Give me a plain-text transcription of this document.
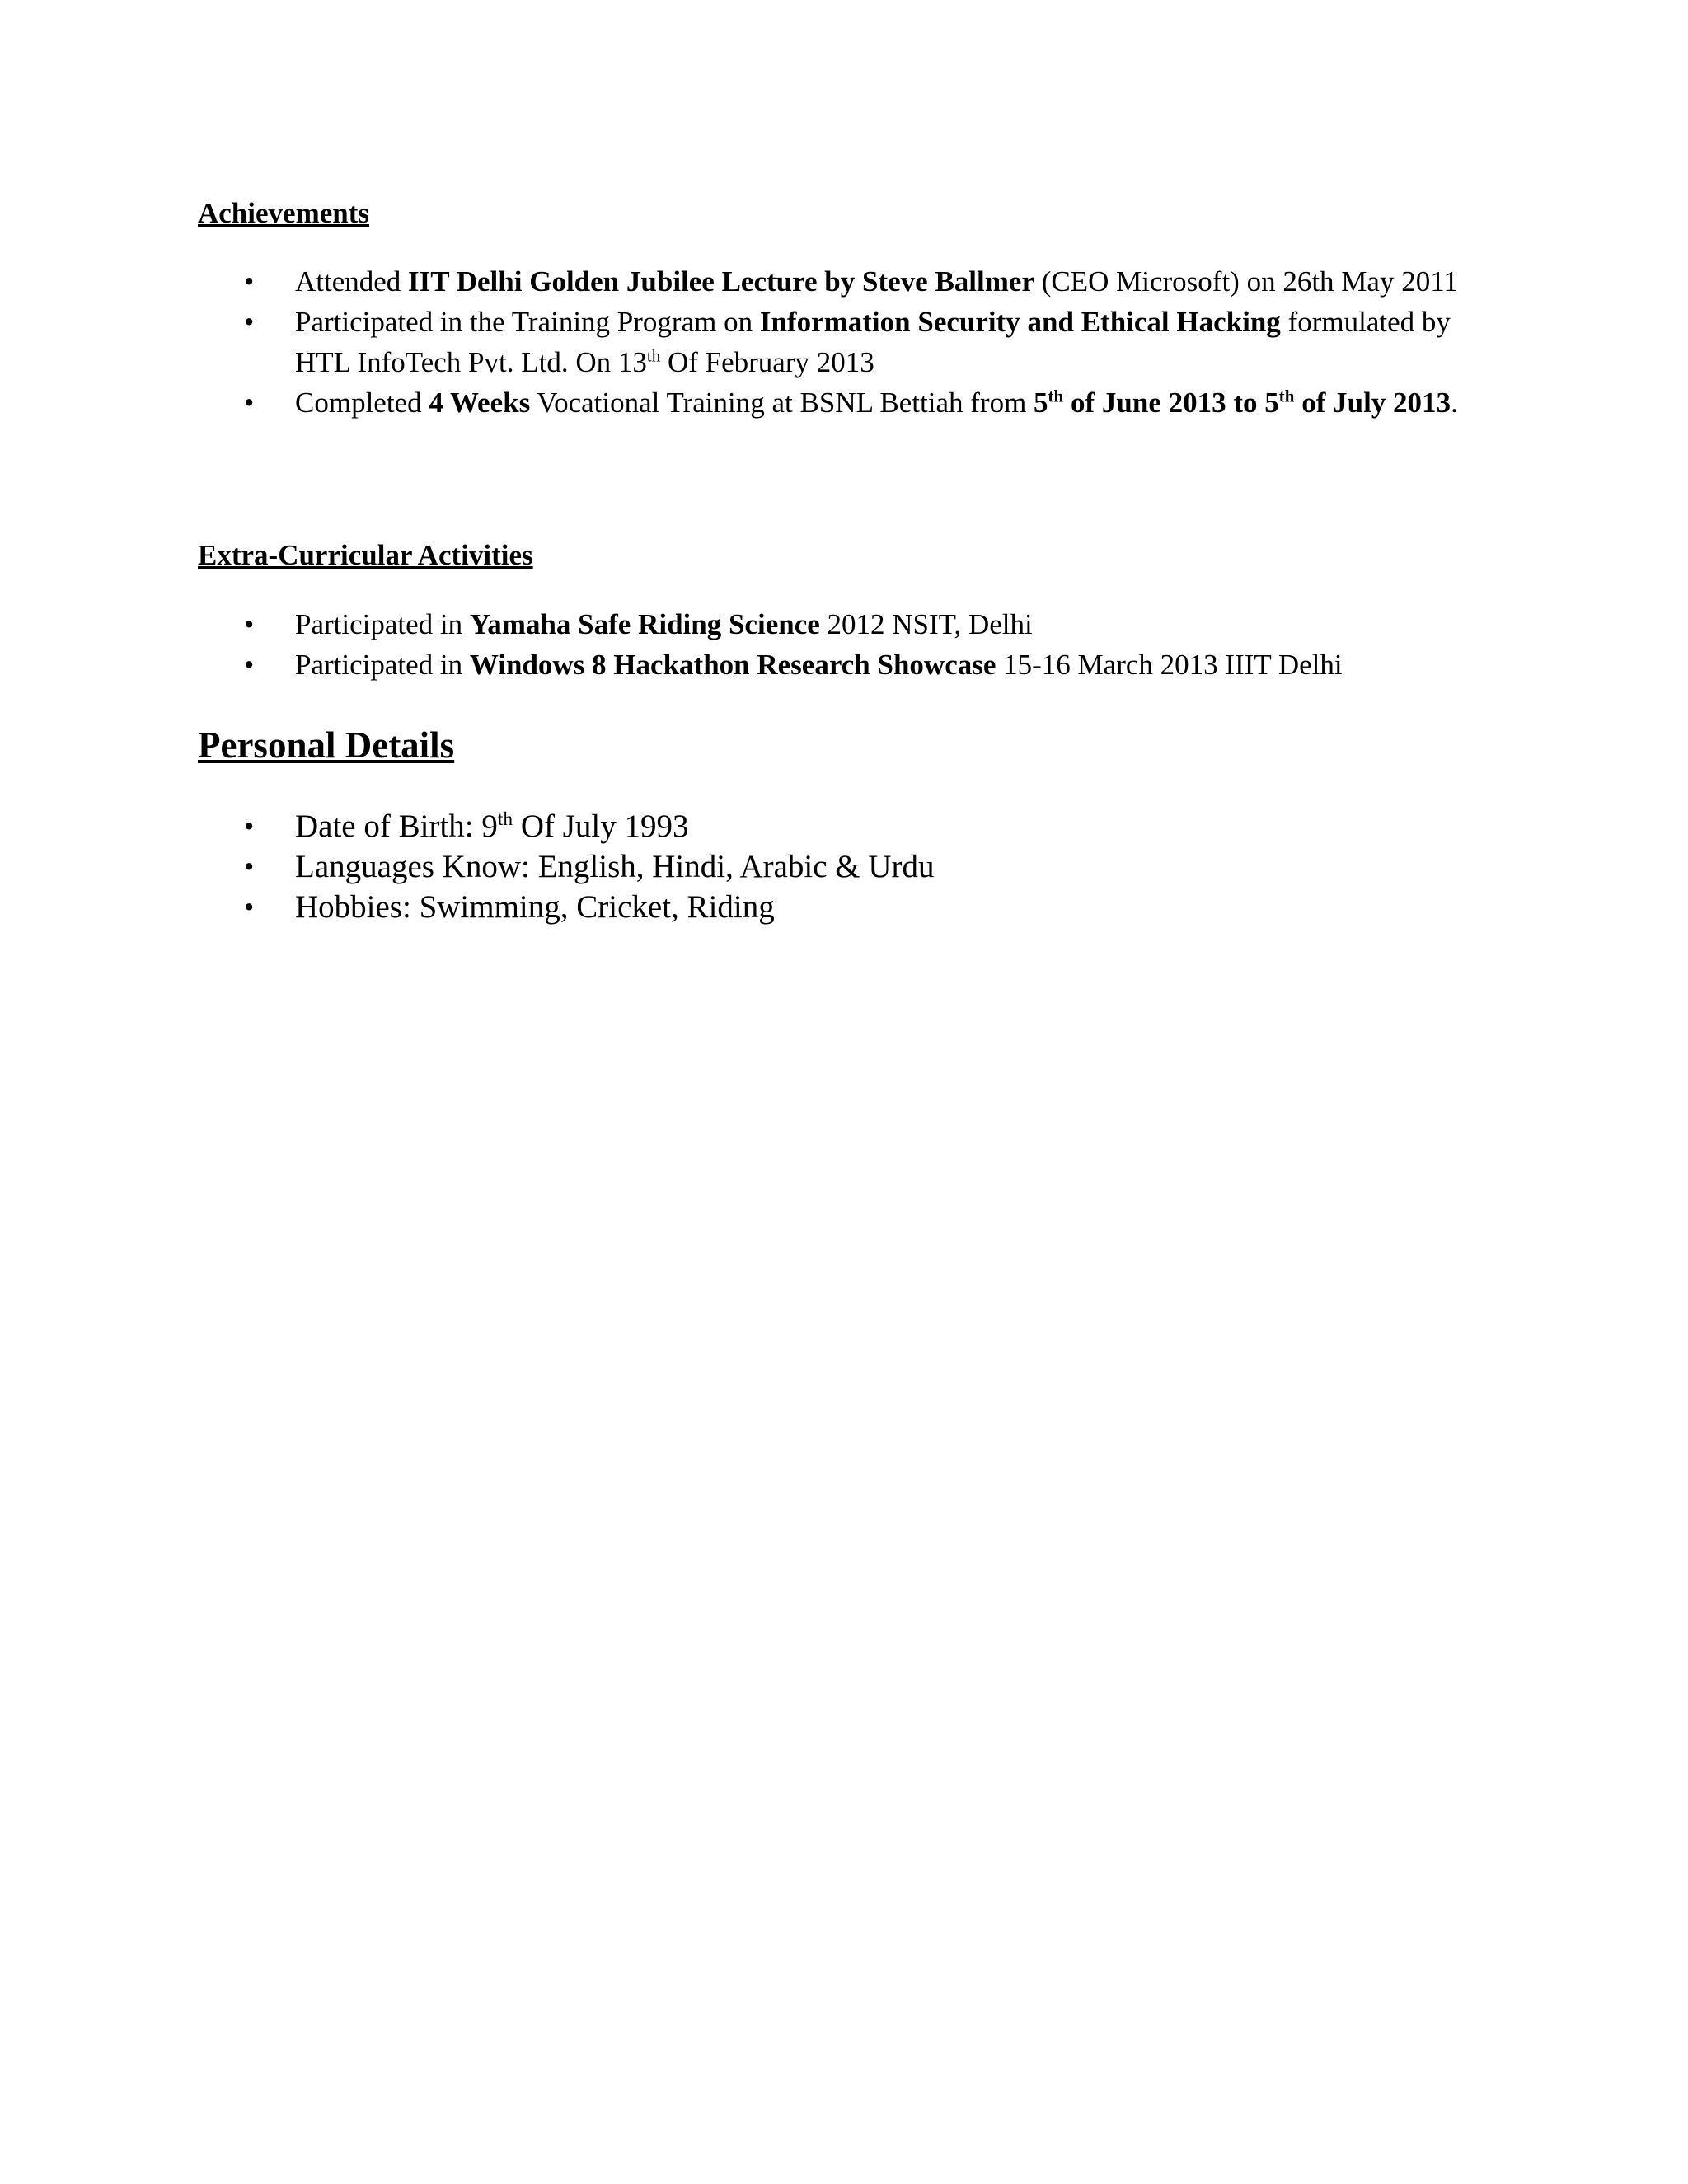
Achievements
• Attended IIT Delhi Golden Jubilee Lecture by Steve Ballmer (CEO Microsoft) on 26th May 2011
• Participated in the Training Program on Information Security and Ethical Hacking formulated by HTL InfoTech Pvt. Ltd. On 13th Of February 2013
• Completed 4 Weeks Vocational Training at BSNL Bettiah from 5th of June 2013 to 5th of July 2013.
Extra-Curricular Activities
• Participated in Yamaha Safe Riding Science 2012 NSIT, Delhi
• Participated in Windows 8 Hackathon Research Showcase 15-16 March 2013 IIIT Delhi
Personal Details
• Date of Birth: 9th Of July 1993
• Languages Know: English, Hindi, Arabic & Urdu
• Hobbies: Swimming, Cricket, Riding
